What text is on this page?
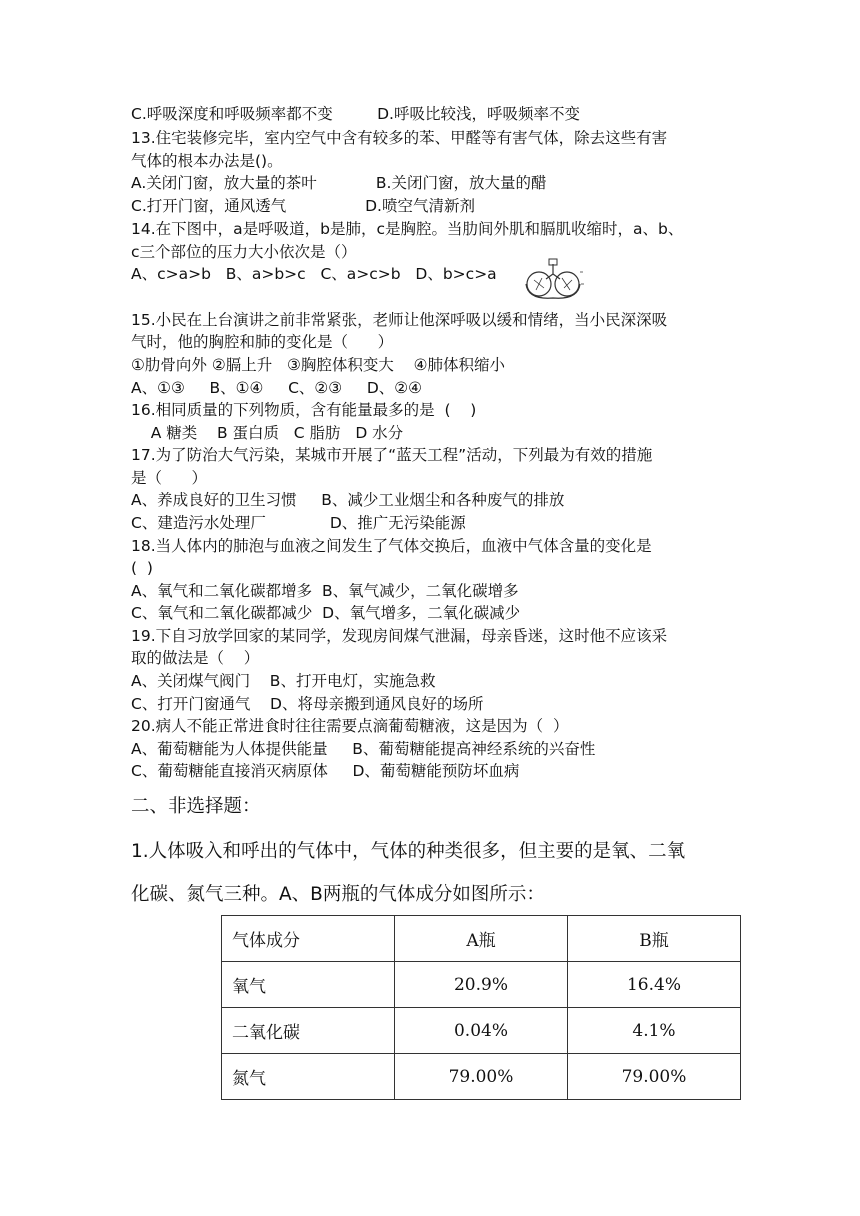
C.呼吸深度和呼吸频率都不变         D.呼吸比较浅，呼吸频率不变
13.住宅装修完毕，室内空气中含有较多的苯、甲醛等有害气体，除去这些有害
气体的根本办法是()。
A.关闭门窗，放大量的茶叶            B.关闭门窗，放大量的醋
C.打开门窗，通风透气                D.喷空气清新剂
14.在下图中，a是呼吸道，b是肺，c是胸腔。当肋间外肌和膈肌收缩时，a、b、
c三个部位的压力大小依次是（）
A、c>a>b   B、a>b>c   C、a>c>b   D、b>c>a
15.小民在上台演讲之前非常紧张，老师让他深呼吸以缓和情绪，当小民深深吸
气时，他的胸腔和肺的变化是（      ）
①肋骨向外 ②膈上升   ③胸腔体积变大    ④肺体积缩小
A、①③     B、①④     C、②③     D、②④
16.相同质量的下列物质，含有能量最多的是  (    )
A 糖类    B 蛋白质   C 脂肪   D 水分
17.为了防治大气污染，某城市开展了“蓝天工程”活动，下列最为有效的措施
是（      ）
A、养成良好的卫生习惯     B、减少工业烟尘和各种废气的排放
C、建造污水处理厂             D、推广无污染能源
18.当人体内的肺泡与血液之间发生了气体交换后，血液中气体含量的变化是
(  )
A、氧气和二氧化碳都增多  B、氧气减少，二氧化碳增多
C、氧气和二氧化碳都减少  D、氧气增多，二氧化碳减少
19.下自习放学回家的某同学，发现房间煤气泄漏，母亲昏迷，这时他不应该采
取的做法是（    ）
A、关闭煤气阀门    B、打开电灯，实施急救
C、打开门窗通气    D、将母亲搬到通风良好的场所
20.病人不能正常进食时往往需要点滴葡萄糖液，这是因为（  ）
A、葡萄糖能为人体提供能量     B、葡萄糖能提高神经系统的兴奋性
C、葡萄糖能直接消灭病原体     D、葡萄糖能预防坏血病
二、非选择题：
1.人体吸入和呼出的气体中，气体的种类很多，但主要的是氧、二氧
化碳、氮气三种。A、B两瓶的气体成分如图所示：
气体成分	A瓶	B瓶
氧气	20.9%	16.4%
二氧化碳	0.04%	4.1%
氮气	79.00%	79.00%
